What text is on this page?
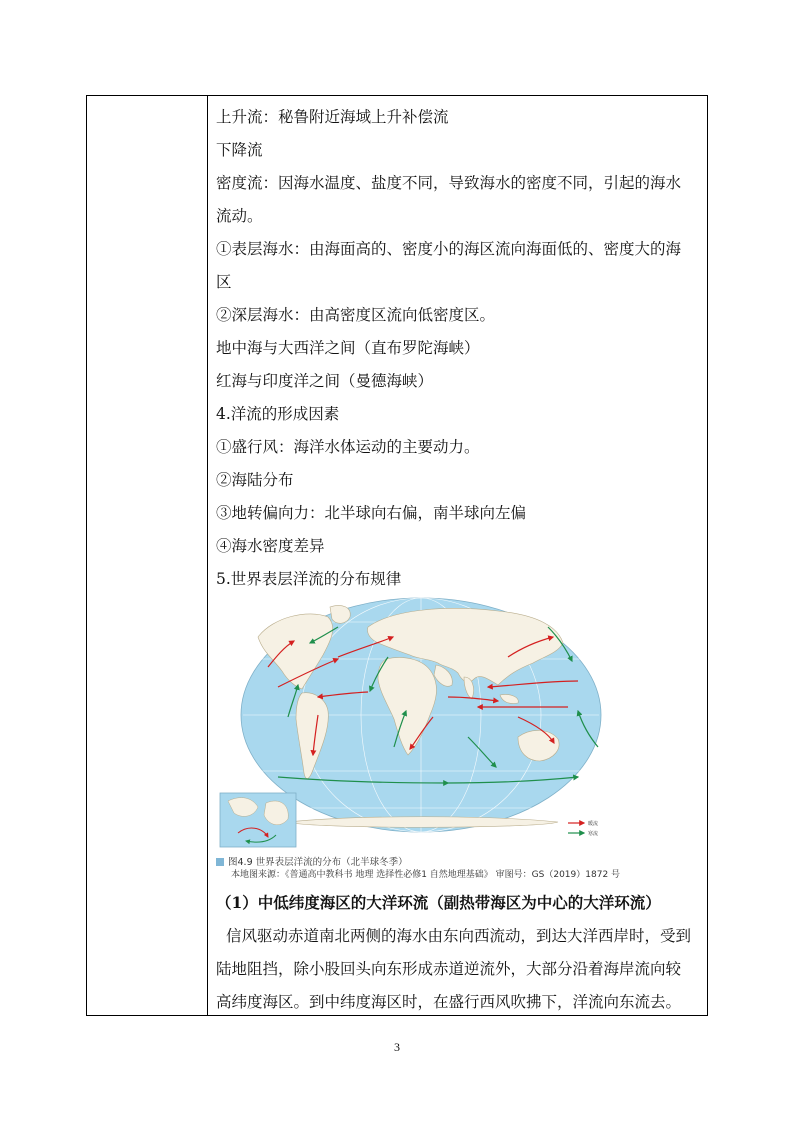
上升流：秘鲁附近海域上升补偿流
下降流
密度流：因海水温度、盐度不同，导致海水的密度不同，引起的海水
流动。
①表层海水：由海面高的、密度小的海区流向海面低的、密度大的海
区
②深层海水：由高密度区流向低密度区。
地中海与大西洋之间（直布罗陀海峡）
红海与印度洋之间（曼德海峡）
4.洋流的形成因素
①盛行风：海洋水体运动的主要动力。
②海陆分布
③地转偏向力：北半球向右偏，南半球向左偏
④海水密度差异
5.世界表层洋流的分布规律
暖流
寒流
图4.9 世界表层洋流的分布（北半球冬季）
本地图来源：《普通高中教科书 地理 选择性必修1 自然地理基础》 审图号：GS（2019）1872 号
（1）中低纬度海区的大洋环流（副热带海区为中心的大洋环流）
信风驱动赤道南北两侧的海水由东向西流动，到达大洋西岸时，受到
陆地阻挡，除小股回头向东形成赤道逆流外，大部分沿着海岸流向较
高纬度海区。到中纬度海区时，在盛行西风吹拂下，洋流向东流去。
3
